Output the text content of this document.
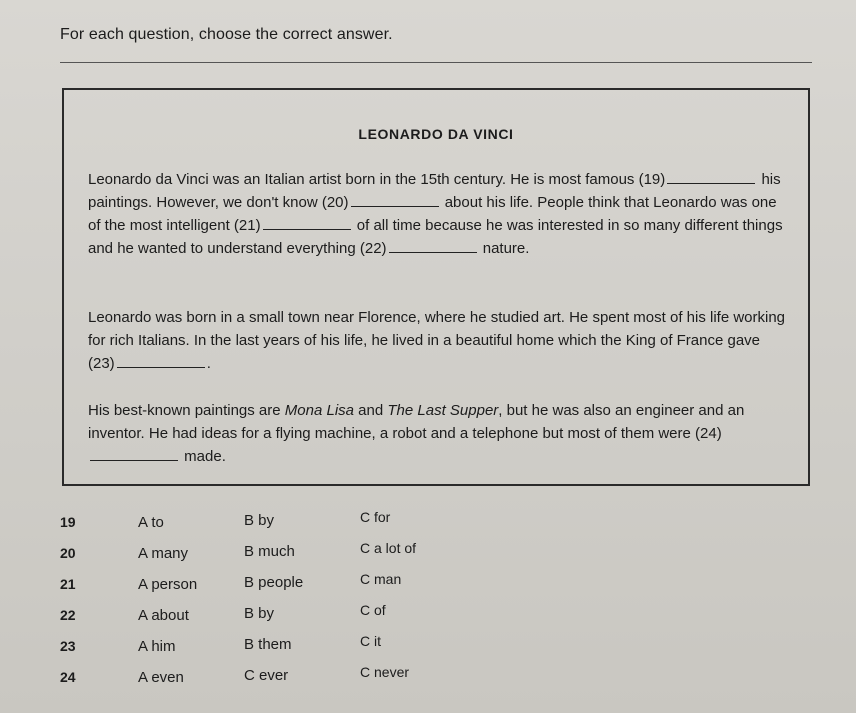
For each question, choose the correct answer.
LEONARDO DA VINCI
Leonardo da Vinci was an Italian artist born in the 15th century. He is most famous (19)	his paintings. However, we don't know (20)	about his life. People think that Leonardo was one of the most intelligent (21)	of all time because he was interested in so many different things and he wanted to understand everything (22)	nature.
Leonardo was born in a small town near Florence, where he studied art. He spent most of his life working for rich Italians. In the last years of his life, he lived in a beautiful home which the King of France gave (23)	.
His best-known paintings are Mona Lisa and The Last Supper, but he was also an engineer and an inventor. He had ideas for a flying machine, a robot and a telephone but most of them were (24) made.
19	A to	B by	C for
20	A many	B much	C a lot of
21	A person	B people	C man
22	A about	B by	C of
23	A him	B them	C it
24	A even	C ever	C never
